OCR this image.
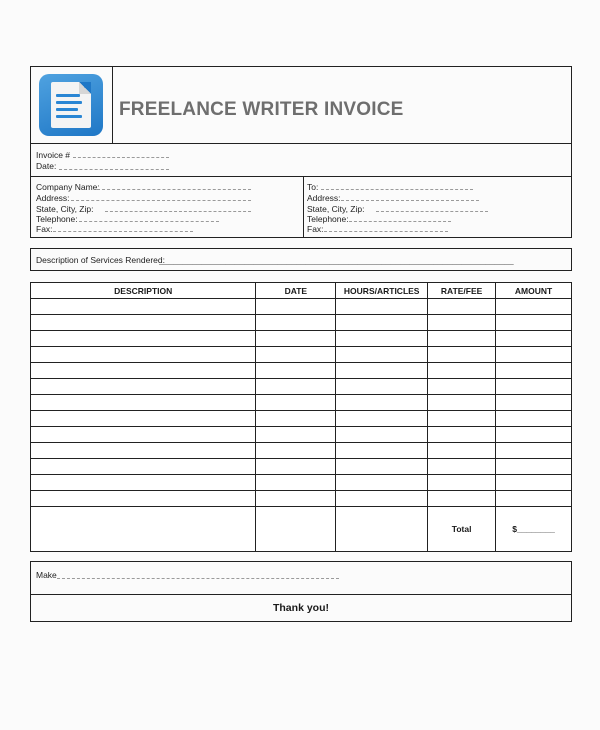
FREELANCE WRITER INVOICE
Invoice #
Date:
Company Name:
Address:
State, City, Zip:
Telephone:
Fax:
To:
Address:
State, City, Zip:
Telephone:
Fax:
Description of Services Rendered:
___________________________________________________________________________
DESCRIPTION	DATE	HOURS/ARTICLES	RATE/FEE	AMOUNT

			Total	$________
Make
Thank you!
